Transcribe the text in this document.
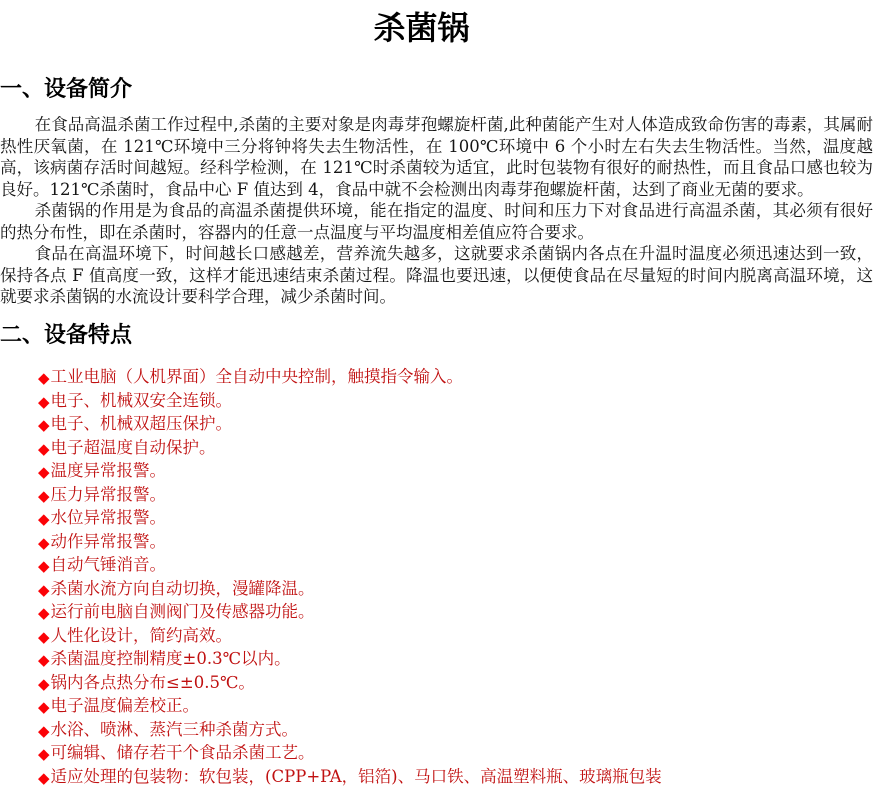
杀菌锅
一、设备简介

在食品高温杀菌工作过程中,杀菌的主要对象是肉毒芽孢螺旋杆菌,此种菌能产生对人体造成致命伤害的毒素，其属耐热性厌氧菌，在 121℃环境中三分将钟将失去生物活性，在 100℃环境中 6 个小时左右失去生物活性。当然，温度越高，该病菌存活时间越短。经科学检测，在 121℃时杀菌较为适宜，此时包装物有很好的耐热性，而且食品口感也较为良好。121℃杀菌时，食品中心 F 值达到 4，食品中就不会检测出肉毒芽孢螺旋杆菌，达到了商业无菌的要求。

杀菌锅的作用是为食品的高温杀菌提供环境，能在指定的温度、时间和压力下对食品进行高温杀菌，其必须有很好的热分布性，即在杀菌时，容器内的任意一点温度与平均温度相差值应符合要求。

食品在高温环境下，时间越长口感越差，营养流失越多，这就要求杀菌锅内各点在升温时温度必须迅速达到一致，保持各点 F 值高度一致，这样才能迅速结束杀菌过程。降温也要迅速，以便使食品在尽量短的时间内脱离高温环境，这就要求杀菌锅的水流设计要科学合理，减少杀菌时间。

二、设备特点
◆工业电脑（人机界面）全自动中央控制，触摸指令输入。
◆电子、机械双安全连锁。
◆电子、机械双超压保护。
◆电子超温度自动保护。
◆温度异常报警。
◆压力异常报警。
◆水位异常报警。
◆动作异常报警。
◆自动气锤消音。
◆杀菌水流方向自动切换，漫罐降温。
◆运行前电脑自测阀门及传感器功能。
◆人性化设计，简约高效。
◆杀菌温度控制精度±0.3℃以内。
◆锅内各点热分布≤±0.5℃。
◆电子温度偏差校正。
◆水浴、喷淋、蒸汽三种杀菌方式。
◆可编辑、储存若干个食品杀菌工艺。
◆适应处理的包装物：软包装，(CPP+PA，铝箔)、马口铁、高温塑料瓶、玻璃瓶包装
